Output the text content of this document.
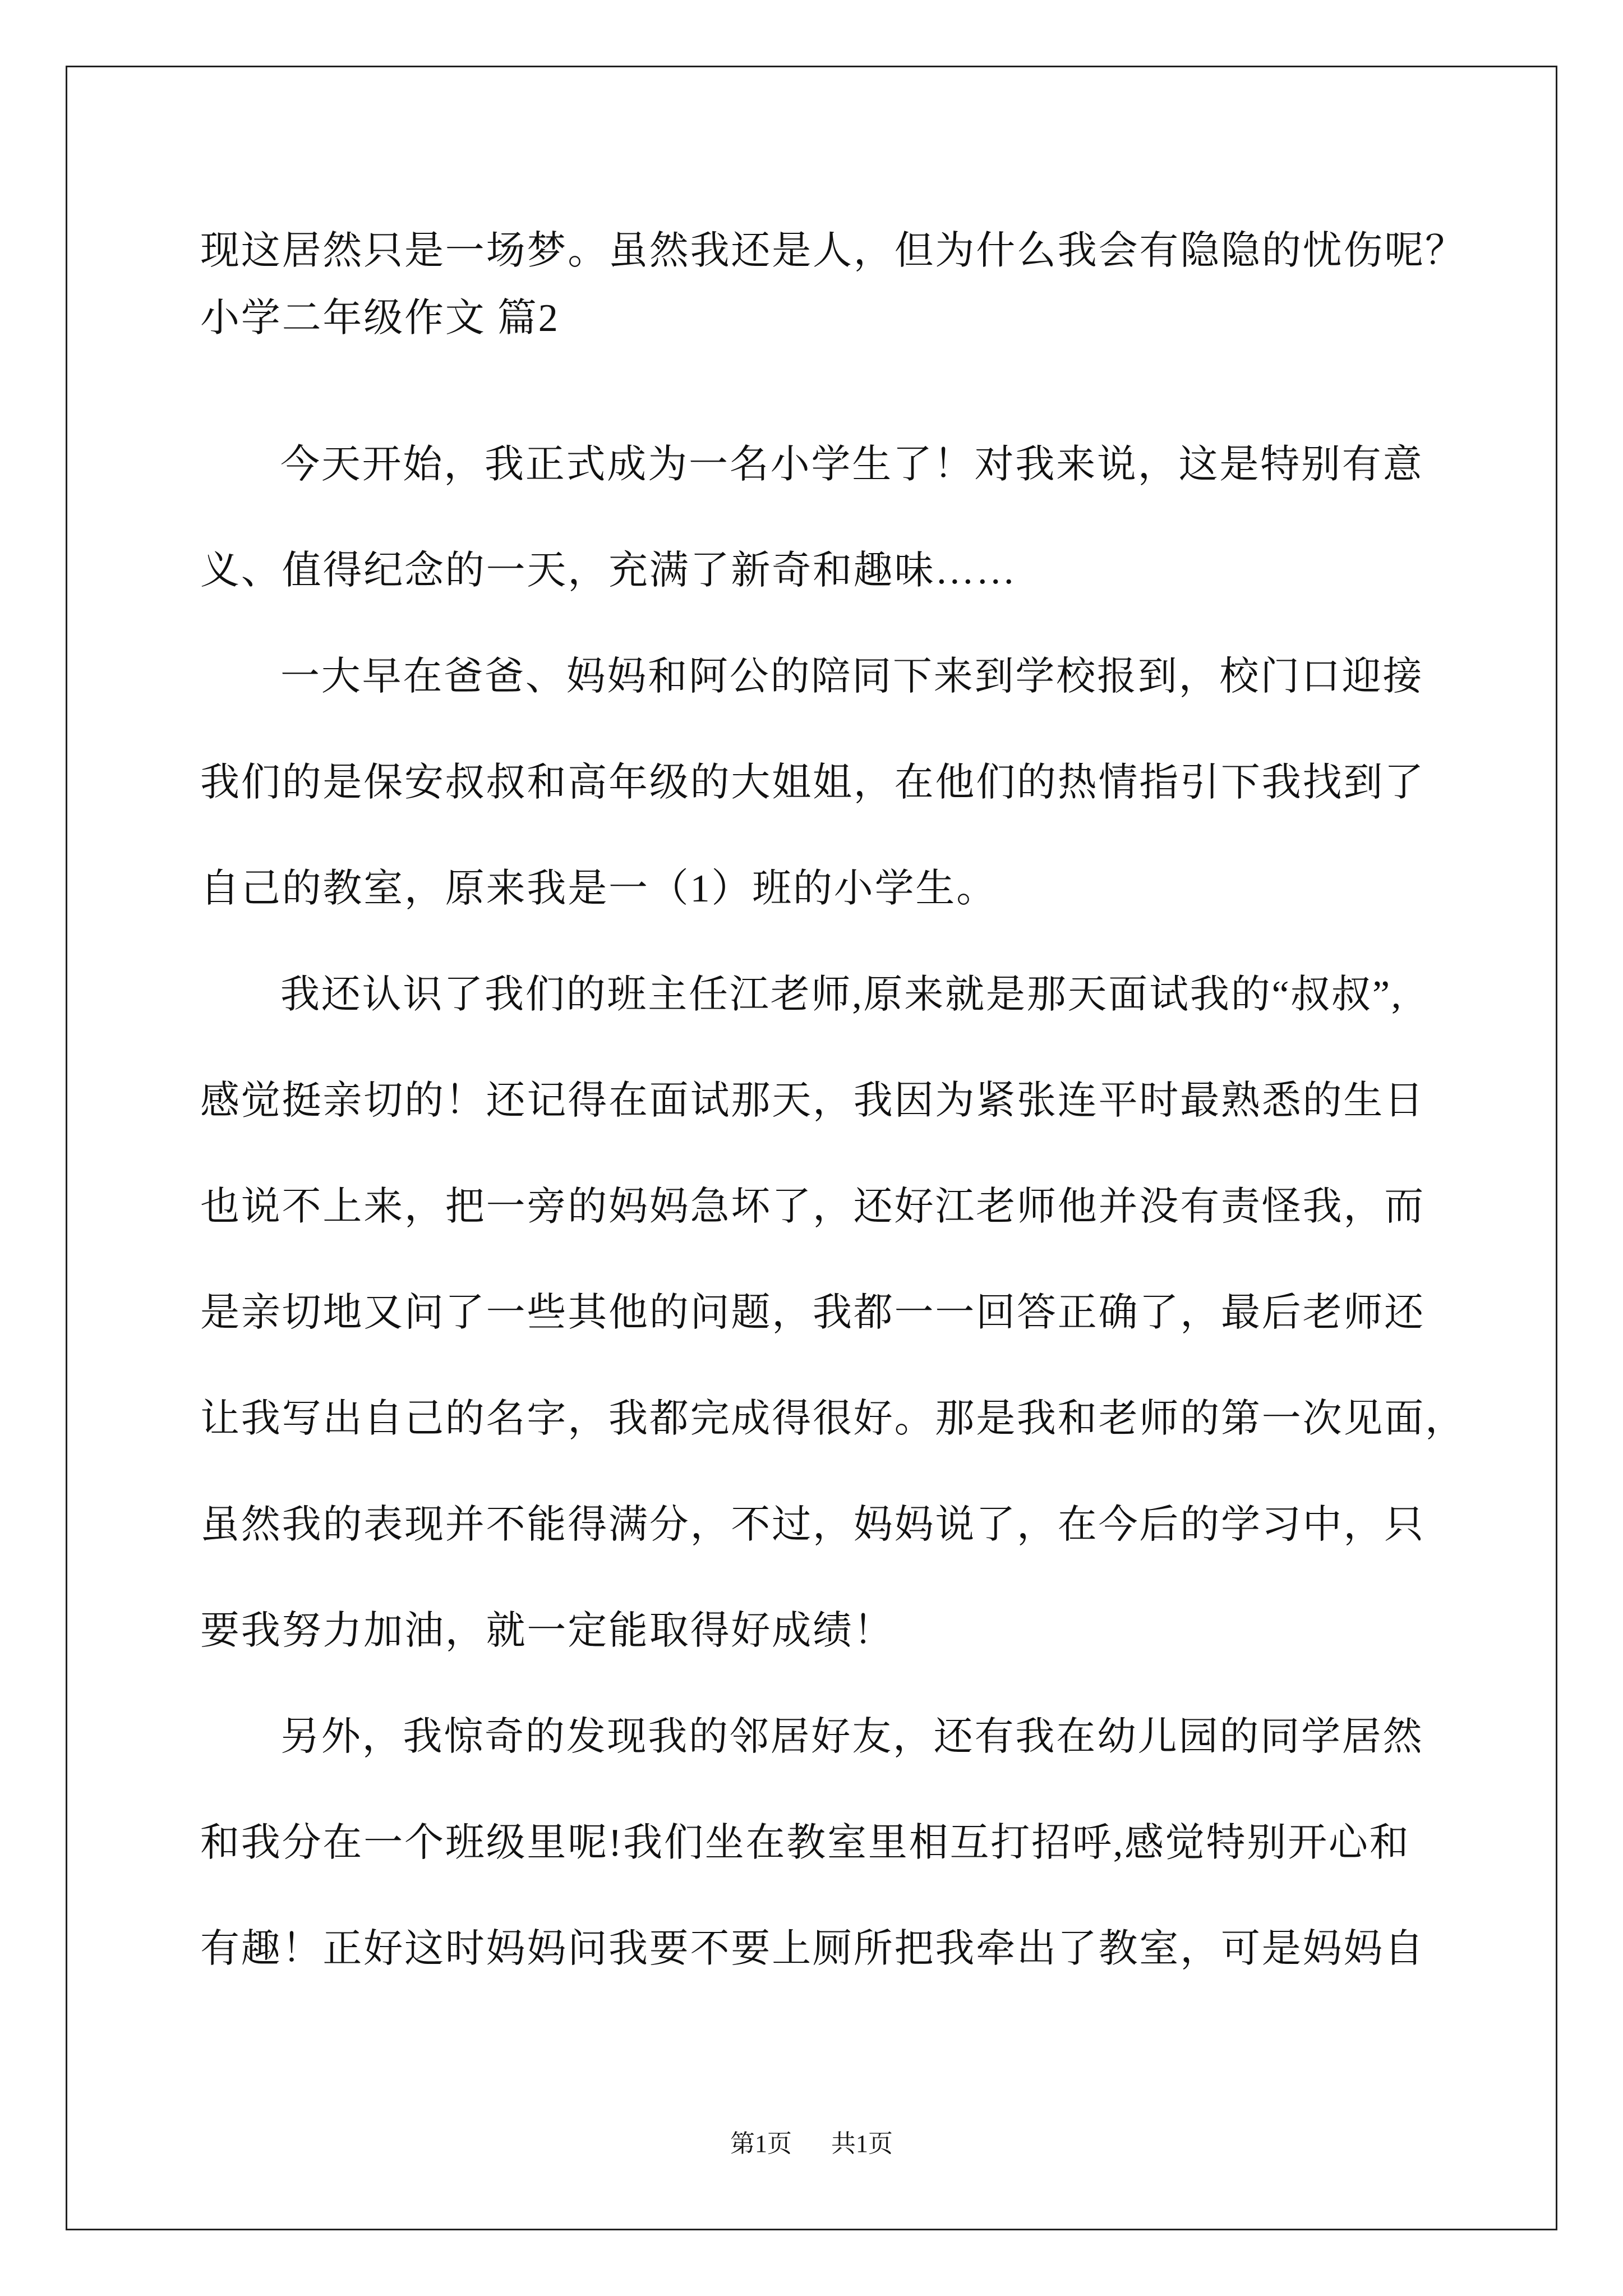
现这居然只是一场梦。虽然我还是人，但为什么我会有隐隐的忧伤呢？
小学二年级作文 篇2
今天开始，我正式成为一名小学生了！对我来说，这是特别有意
义、值得纪念的一天，充满了新奇和趣味……
一大早在爸爸、妈妈和阿公的陪同下来到学校报到，校门口迎接
我们的是保安叔叔和高年级的大姐姐，在他们的热情指引下我找到了
自己的教室，原来我是一（1）班的小学生。
我还认识了我们的班主任江老师,原来就是那天面试我的“叔叔”,
感觉挺亲切的！还记得在面试那天，我因为紧张连平时最熟悉的生日
也说不上来，把一旁的妈妈急坏了，还好江老师他并没有责怪我，而
是亲切地又问了一些其他的问题，我都一一回答正确了，最后老师还
让我写出自己的名字，我都完成得很好。那是我和老师的第一次见面，
虽然我的表现并不能得满分，不过，妈妈说了，在今后的学习中，只
要我努力加油，就一定能取得好成绩！
另外，我惊奇的发现我的邻居好友，还有我在幼儿园的同学居然
和我分在一个班级里呢!我们坐在教室里相互打招呼,感觉特别开心和
有趣！正好这时妈妈问我要不要上厕所把我牵出了教室，可是妈妈自
第1页 共1页
